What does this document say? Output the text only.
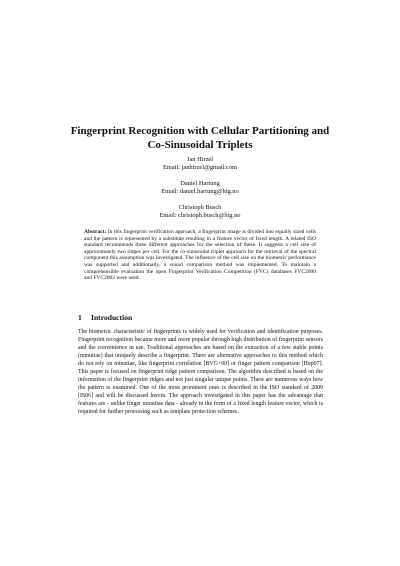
Fingerprint Recognition with Cellular Partitioning and
Co-Sinusoidal Triplets
Jan Hirzel
Email: janhirzel@gmail.com
Daniel Hartung
Email: daniel.hartung@hig.no
Christoph Busch
Email: christoph.busch@hig.no
Abstract: In this fingerprint verification approach, a fingerprint image is divided into equally sized cells and the pattern is represented by a substitute resulting in a feature vector of fixed length. A related ISO standard recommends three different approaches for the selection of these. It suggests a cell size of approximately two ridges per cell. For the co-sinusoidal triplet approach for the retrieval of the spectral component this assumption was investigated. The influence of the cell size on the biometric performance was supported and additionally, a sound comparison method was implemented. To maintain a comprehensible evaluation the open Fingerprint Verification Competition (FVC) databases FVC2000 and FVC2002 were used.
1 Introduction
The biometric characteristic of fingerprints is widely used for verification and identification purposes. Fingerprint recognition became more and more popular through high distribution of fingerprint sensors and the convenience in use. Traditional approaches are based on the extraction of a few stable points (minutiae) that uniquely describe a fingerprint. There are alternative approaches to this method which do not rely on minutiae, like fingerprint correlation [BVG+00] or finger pattern comparison [Hup07]. This paper is focused on fingerprint ridge pattern comparison. The algorithm described is based on the information of the fingerprint ridges and not just singular unique points. There are numerous ways how the pattern is examined. One of the most prominent ones is described in the ISO standard of 2009 [IS06] and will be discussed herein. The approach investigated in this paper has the advantage that features are - unlike finger minutiae data - already in the form of a fixed length feature vector, which is required for further processing such as template protection schemes.
